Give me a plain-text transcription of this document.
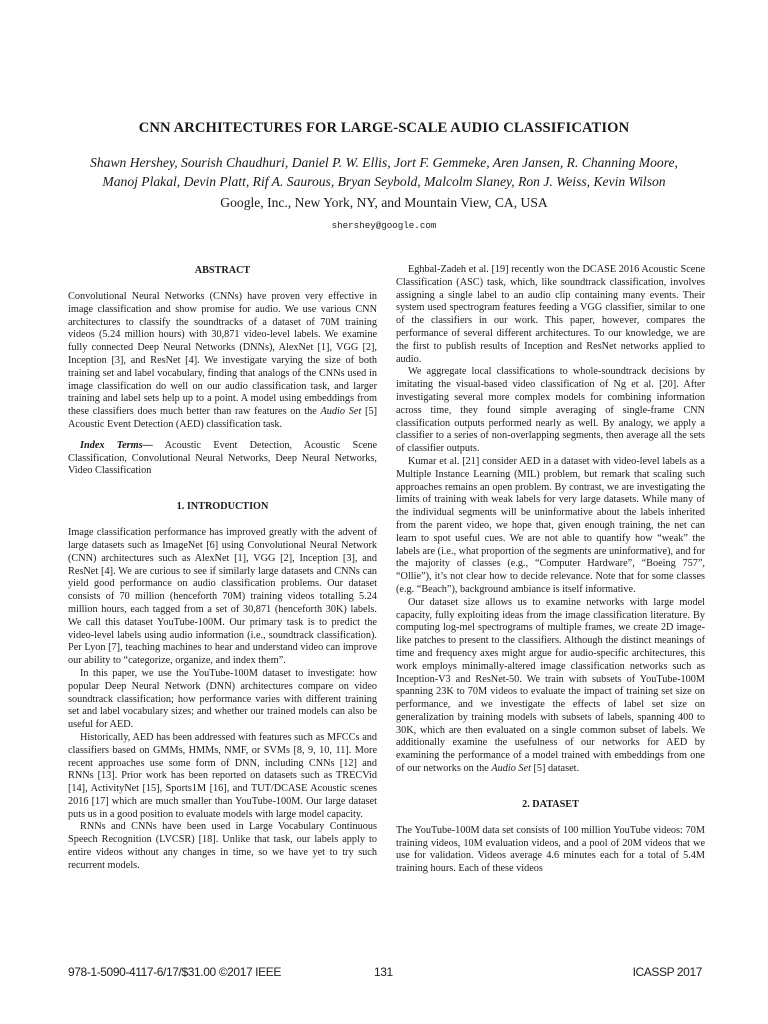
CNN ARCHITECTURES FOR LARGE-SCALE AUDIO CLASSIFICATION
Shawn Hershey, Sourish Chaudhuri, Daniel P. W. Ellis, Jort F. Gemmeke, Aren Jansen, R. Channing Moore,
Manoj Plakal, Devin Platt, Rif A. Saurous, Bryan Seybold, Malcolm Slaney, Ron J. Weiss, Kevin Wilson
Google, Inc., New York, NY, and Mountain View, CA, USA
shershey@google.com
ABSTRACT

Convolutional Neural Networks (CNNs) have proven very effective in image classification and show promise for audio. We use various CNN architectures to classify the soundtracks of a dataset of 70M training videos (5.24 million hours) with 30,871 video-level labels. We examine fully connected Deep Neural Networks (DNNs), AlexNet [1], VGG [2], Inception [3], and ResNet [4]. We investigate varying the size of both training set and label vocabulary, finding that analogs of the CNNs used in image classification do well on our audio classification task, and larger training and label sets help up to a point. A model using embeddings from these classifiers does much better than raw features on the Audio Set [5] Acoustic Event Detection (AED) classification task.

Index Terms— Acoustic Event Detection, Acoustic Scene Classification, Convolutional Neural Networks, Deep Neural Networks, Video Classification

1. INTRODUCTION

Image classification performance has improved greatly with the advent of large datasets such as ImageNet [6] using Convolutional Neural Network (CNN) architectures such as AlexNet [1], VGG [2], Inception [3], and ResNet [4]. We are curious to see if similarly large datasets and CNNs can yield good performance on audio classification problems. Our dataset consists of 70 million (henceforth 70M) training videos totalling 5.24 million hours, each tagged from a set of 30,871 (henceforth 30K) labels. We call this dataset YouTube-100M. Our primary task is to predict the video-level labels using audio information (i.e., soundtrack classification). Per Lyon [7], teaching machines to hear and understand video can improve our ability to “categorize, organize, and index them”.

In this paper, we use the YouTube-100M dataset to investigate: how popular Deep Neural Network (DNN) architectures compare on video soundtrack classification; how performance varies with different training set and label vocabulary sizes; and whether our trained models can also be useful for AED.

Historically, AED has been addressed with features such as MFCCs and classifiers based on GMMs, HMMs, NMF, or SVMs [8, 9, 10, 11]. More recent approaches use some form of DNN, including CNNs [12] and RNNs [13]. Prior work has been reported on datasets such as TRECVid [14], ActivityNet [15], Sports1M [16], and TUT/DCASE Acoustic scenes 2016 [17] which are much smaller than YouTube-100M. Our large dataset puts us in a good position to evaluate models with large model capacity.

RNNs and CNNs have been used in Large Vocabulary Continuous Speech Recognition (LVCSR) [18]. Unlike that task, our labels apply to entire videos without any changes in time, so we have yet to try such recurrent models.

Eghbal-Zadeh et al. [19] recently won the DCASE 2016 Acoustic Scene Classification (ASC) task, which, like soundtrack classification, involves assigning a single label to an audio clip containing many events. Their system used spectrogram features feeding a VGG classifier, similar to one of the classifiers in our work. This paper, however, compares the performance of several different architectures. To our knowledge, we are the first to publish results of Inception and ResNet networks applied to audio.

We aggregate local classifications to whole-soundtrack decisions by imitating the visual-based video classification of Ng et al. [20]. After investigating several more complex models for combining information across time, they found simple averaging of single-frame CNN classification outputs performed nearly as well. By analogy, we apply a classifier to a series of non-overlapping segments, then average all the sets of classifier outputs.

Kumar et al. [21] consider AED in a dataset with video-level labels as a Multiple Instance Learning (MIL) problem, but remark that scaling such approaches remains an open problem. By contrast, we are investigating the limits of training with weak labels for very large datasets. While many of the individual segments will be uninformative about the labels inherited from the parent video, we hope that, given enough training, the net can learn to spot useful cues. We are not able to quantify how “weak” the labels are (i.e., what proportion of the segments are uninformative), and for the majority of classes (e.g., “Computer Hardware”, “Boeing 757”, “Ollie”), it’s not clear how to decide relevance. Note that for some classes (e.g. “Beach”), background ambiance is itself informative.

Our dataset size allows us to examine networks with large model capacity, fully exploiting ideas from the image classification literature. By computing log-mel spectrograms of multiple frames, we create 2D image-like patches to present to the classifiers. Although the distinct meanings of time and frequency axes might argue for audio-specific architectures, this work employs minimally-altered image classification networks such as Inception-V3 and ResNet-50. We train with subsets of YouTube-100M spanning 23K to 70M videos to evaluate the impact of training set size on performance, and we investigate the effects of label set size on generalization by training models with subsets of labels, spanning 400 to 30K, which are then evaluated on a single common subset of labels. We additionally examine the usefulness of our networks for AED by examining the performance of a model trained with embeddings from one of our networks on the Audio Set [5] dataset.

2. DATASET

The YouTube-100M data set consists of 100 million YouTube videos: 70M training videos, 10M evaluation videos, and a pool of 20M videos that we use for validation. Videos average 4.6 minutes each for a total of 5.4M training hours. Each of these videos

978-1-5090-4117-6/17/$31.00 ©2017 IEEE	131	ICASSP 2017
